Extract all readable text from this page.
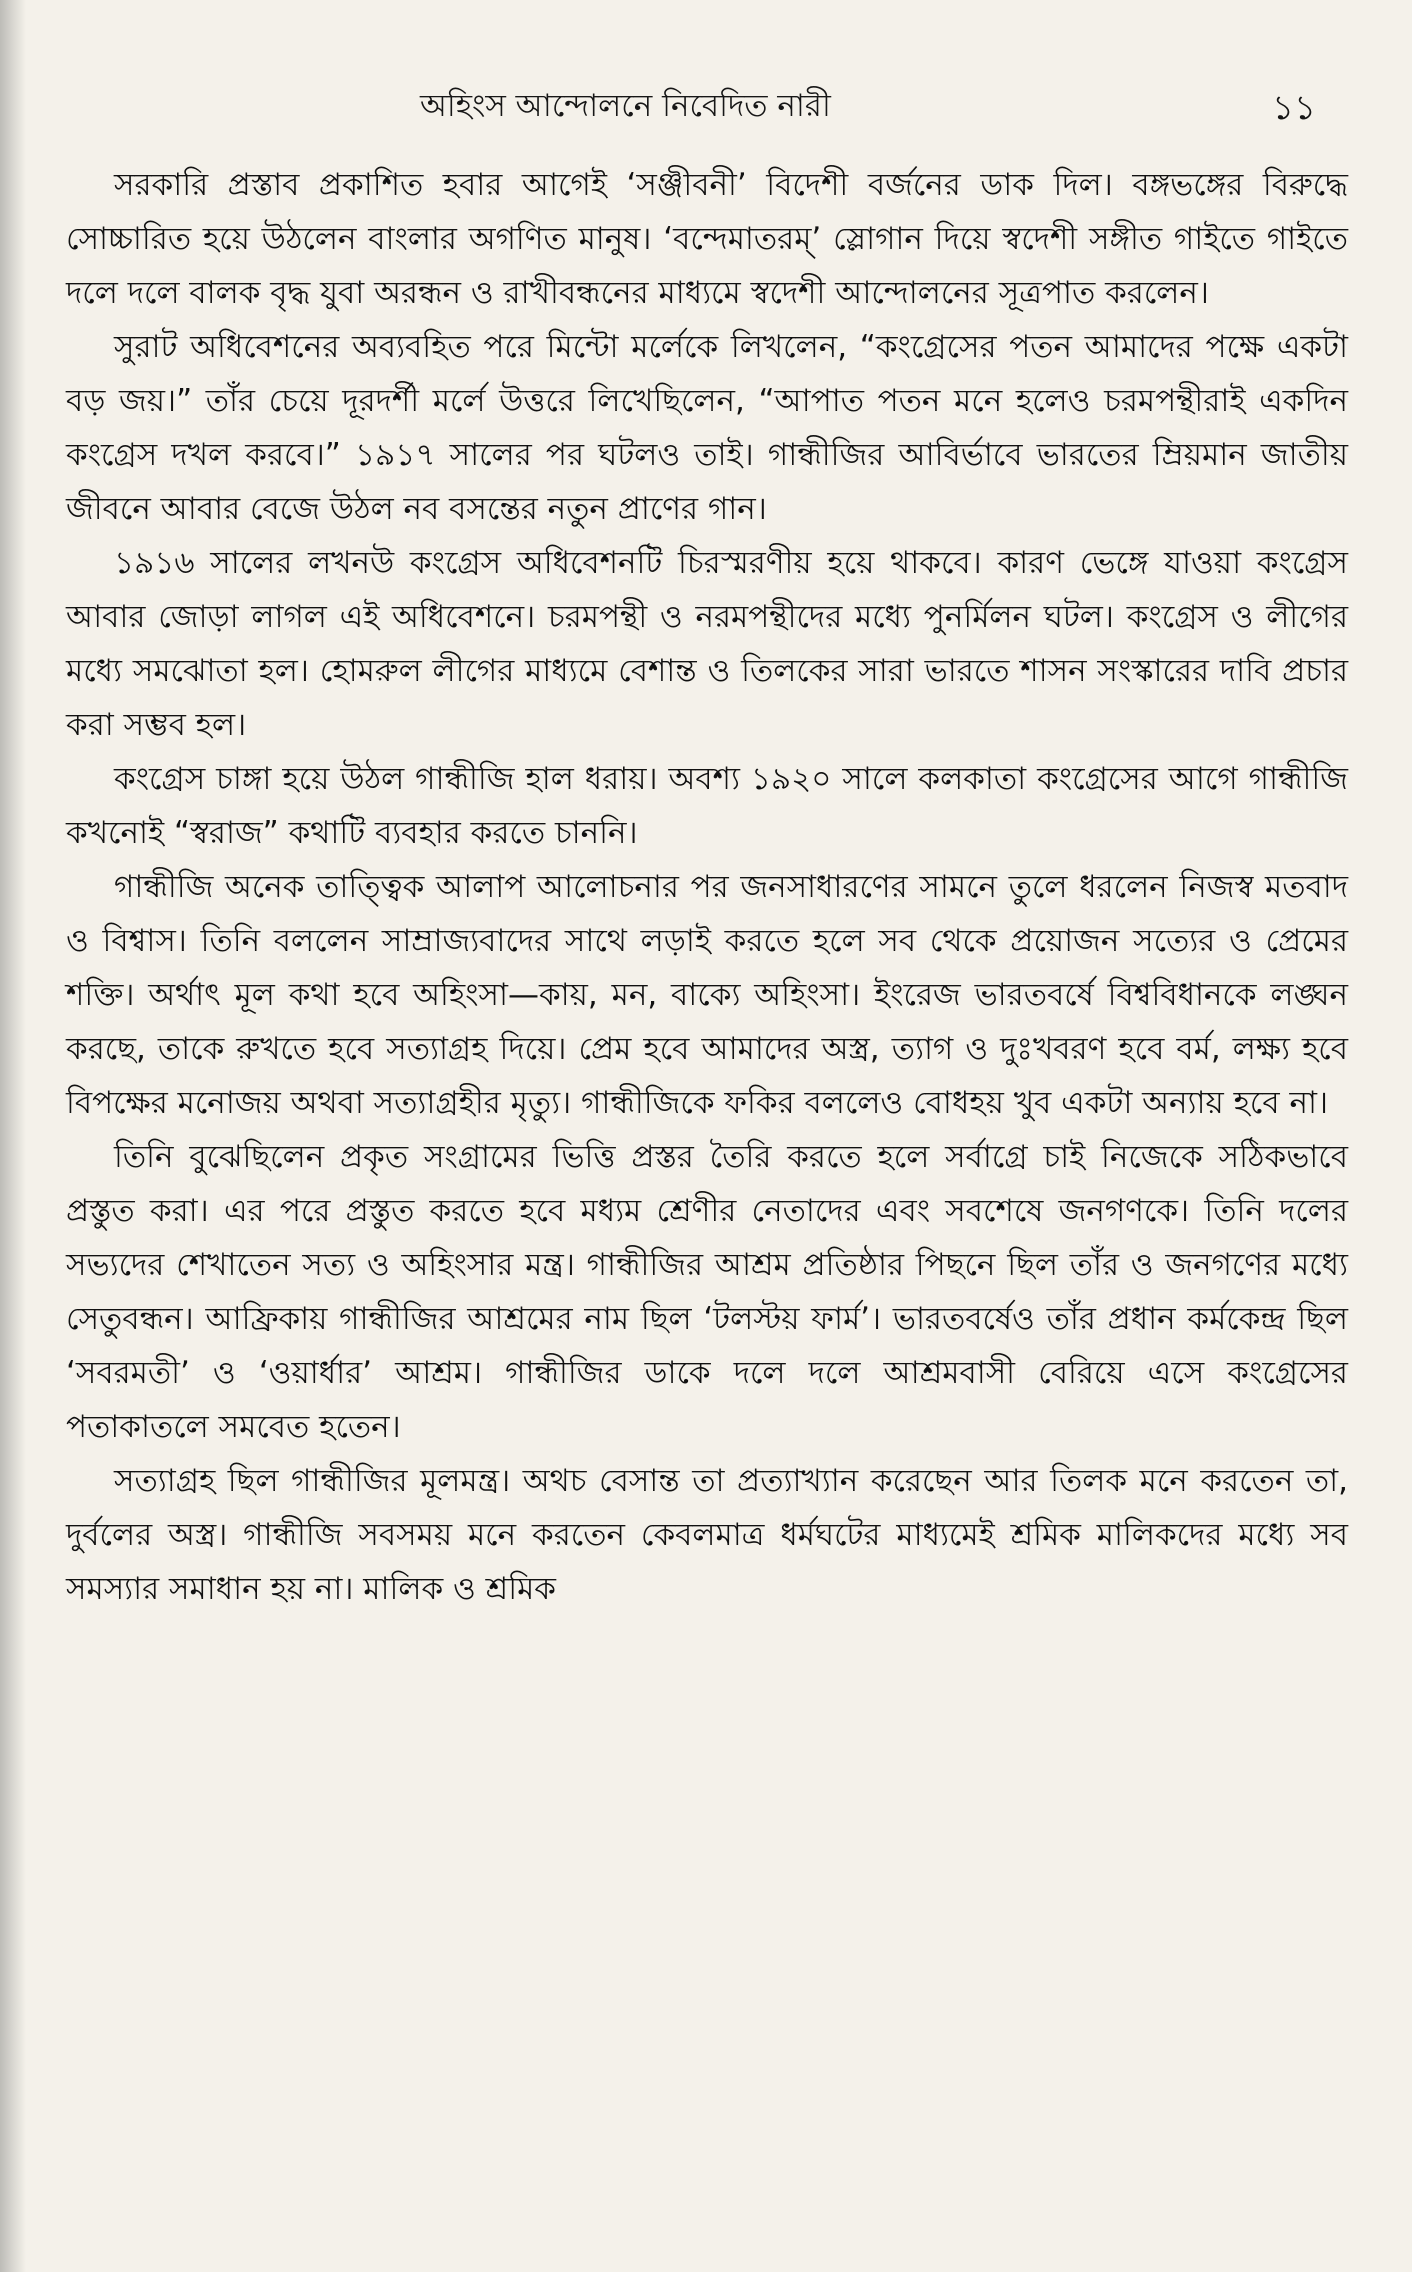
অহিংস আন্দোলনে নিবেদিত নারী	১১

সরকারি প্রস্তাব প্রকাশিত হবার আগেই ‘সঞ্জীবনী’ বিদেশী বর্জনের ডাক দিল। বঙ্গভঙ্গের বিরুদ্ধে সোচ্চারিত হয়ে উঠলেন বাংলার অগণিত মানুষ। ‘বন্দেমাতরম্’ স্লোগান দিয়ে স্বদেশী সঙ্গীত গাইতে গাইতে দলে দলে বালক বৃদ্ধ যুবা অরন্ধন ও রাখীবন্ধনের মাধ্যমে স্বদেশী আন্দোলনের সূত্রপাত করলেন।

সুরাট অধিবেশনের অব্যবহিত পরে মিন্টো মর্লেকে লিখলেন, “কংগ্রেসের পতন আমাদের পক্ষে একটা বড় জয়।” তাঁর চেয়ে দূরদর্শী মর্লে উত্তরে লিখেছিলেন, “আপাত পতন মনে হলেও চরমপন্থীরাই একদিন কংগ্রেস দখল করবে।” ১৯১৭ সালের পর ঘটলও তাই। গান্ধীজির আবির্ভাবে ভারতের ম্রিয়মান জাতীয় জীবনে আবার বেজে উঠল নব বসন্তের নতুন প্রাণের গান।

১৯১৬ সালের লখনউ কংগ্রেস অধিবেশনটি চিরস্মরণীয় হয়ে থাকবে। কারণ ভেঙ্গে যাওয়া কংগ্রেস আবার জোড়া লাগল এই অধিবেশনে। চরমপন্থী ও নরমপন্থীদের মধ্যে পুনর্মিলন ঘটল। কংগ্রেস ও লীগের মধ্যে সমঝোতা হল। হোমরুল লীগের মাধ্যমে বেশান্ত ও তিলকের সারা ভারতে শাসন সংস্কারের দাবি প্রচার করা সম্ভব হল।

কংগ্রেস চাঙ্গা হয়ে উঠল গান্ধীজি হাল ধরায়। অবশ্য ১৯২০ সালে কলকাতা কংগ্রেসের আগে গান্ধীজি কখনোই “স্বরাজ” কথাটি ব্যবহার করতে চাননি।

গান্ধীজি অনেক তাত্ত্বিক আলাপ আলোচনার পর জনসাধারণের সামনে তুলে ধরলেন নিজস্ব মতবাদ ও বিশ্বাস। তিনি বললেন সাম্রাজ্যবাদের সাথে লড়াই করতে হলে সব থেকে প্রয়োজন সত্যের ও প্রেমের শক্তি। অর্থাৎ মূল কথা হবে অহিংসা—কায়, মন, বাক্যে অহিংসা। ইংরেজ ভারতবর্ষে বিশ্ববিধানকে লঙ্ঘন করছে, তাকে রুখতে হবে সত্যাগ্রহ দিয়ে। প্রেম হবে আমাদের অস্ত্র, ত্যাগ ও দুঃখবরণ হবে বর্ম, লক্ষ্য হবে বিপক্ষের মনোজয় অথবা সত্যাগ্রহীর মৃত্যু। গান্ধীজিকে ফকির বললেও বোধহয় খুব একটা অন্যায় হবে না।

তিনি বুঝেছিলেন প্রকৃত সংগ্রামের ভিত্তি প্রস্তর তৈরি করতে হলে সর্বাগ্রে চাই নিজেকে সঠিকভাবে প্রস্তুত করা। এর পরে প্রস্তুত করতে হবে মধ্যম শ্রেণীর নেতাদের এবং সবশেষে জনগণকে। তিনি দলের সভ্যদের শেখাতেন সত্য ও অহিংসার মন্ত্র। গান্ধীজির আশ্রম প্রতিষ্ঠার পিছনে ছিল তাঁর ও জনগণের মধ্যে সেতুবন্ধন। আফ্রিকায় গান্ধীজির আশ্রমের নাম ছিল ‘টলস্টয় ফার্ম’। ভারতবর্ষেও তাঁর প্রধান কর্মকেন্দ্র ছিল ‘সবরমতী’ ও ‘ওয়ার্ধার’ আশ্রম। গান্ধীজির ডাকে দলে দলে আশ্রমবাসী বেরিয়ে এসে কংগ্রেসের পতাকাতলে সমবেত হতেন।

সত্যাগ্রহ ছিল গান্ধীজির মূলমন্ত্র। অথচ বেসান্ত তা প্রত্যাখ্যান করেছেন আর তিলক মনে করতেন তা, দুর্বলের অস্ত্র। গান্ধীজি সবসময় মনে করতেন কেবলমাত্র ধর্মঘটের মাধ্যমেই শ্রমিক মালিকদের মধ্যে সব সমস্যার সমাধান হয় না। মালিক ও শ্রমিক
